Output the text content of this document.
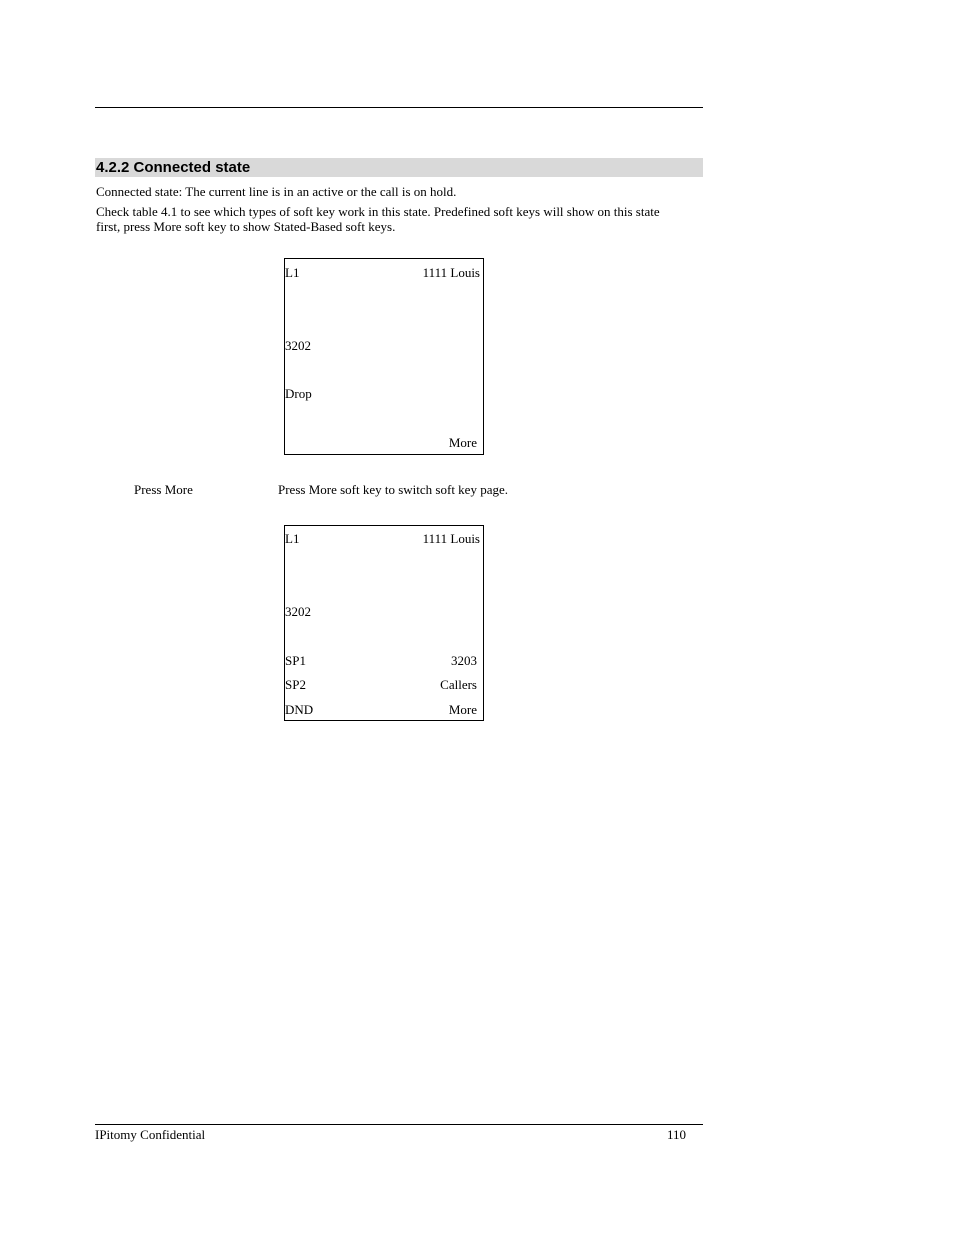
4.2.2 Connected state
Connected state: The current line is in an active or the call is on hold.
Check table 4.1 to see which types of soft key work in this state. Predefined soft keys will show on this state
first, press More soft key to show Stated-Based soft keys.
L1	1111 Louis
3202
Drop
More
Press More	Press More soft key to switch soft key page.
L1	1111 Louis
3202
SP1	3203
SP2	Callers
DND	More
IPitomy Confidential	110
